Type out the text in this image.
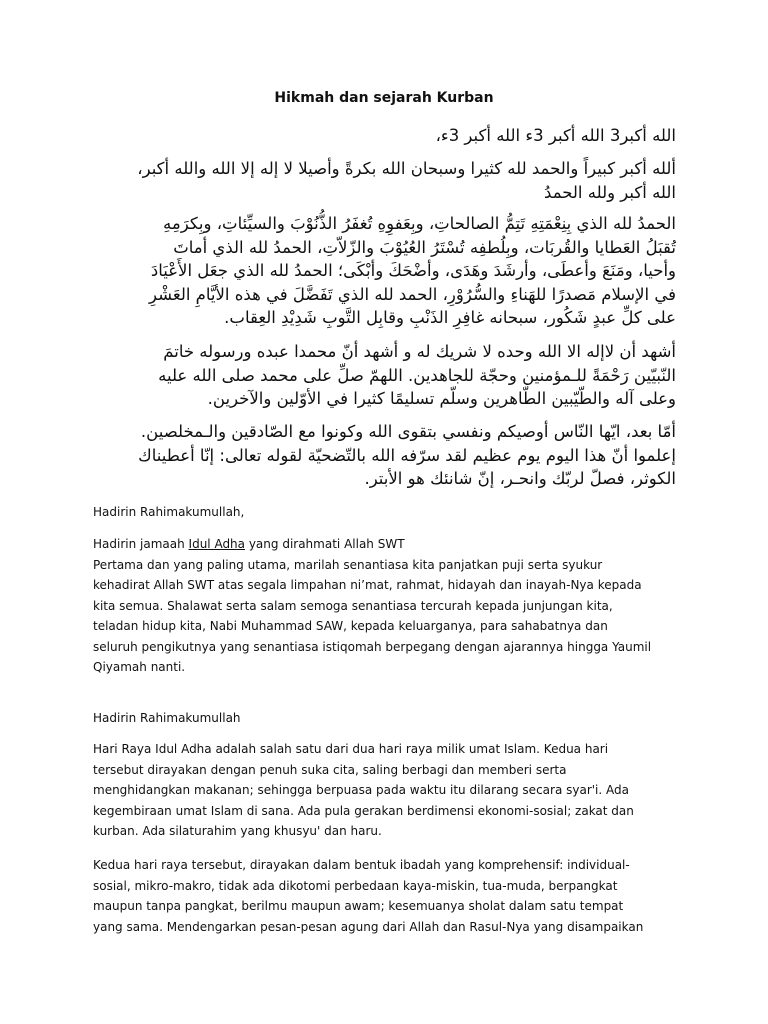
Hikmah dan sejarah Kurban

الله أكبر3 الله أكبر 3ء الله أكبر 3ء،

ألله أكبر كبيراً والحمد لله كثيرا وسبحان الله بكرةً وأصيلا لا إله إلا الله والله أكبر،
الله أكبر ولله الحمدُ

الحمدُ لله الذي بِنِعْمَتِهِ تَتِمُّ الصالحاتِ، وبِعَفوِهِ تُغفَرُ الذُّنُوْبَ والسيِّئاتِ، وبِكرَمِهِ
تُقبَلُ العَطايا والقُربَات، وبِلُطفِه تُسْتَرُ العُيُوْبَ والزّلاّتِ، الحمدُ لله الذي أماتَ
وأحيا، ومَنَعَ وأعطَى، وأرشَدَ وهَدَى، وأضْحَكَ وأبْكَى؛ الحمدُ لله الذي جعَل الأَعْيَادَ
في الإسلام مَصدرًا للهَناءِ والسُّرُوْرِ، الحمد لله الذي تَفَضَّلَ في هذه الأيَّامِ العَشْرِ
على كلِّ عبدٍ شَكُور، سبحانه غافِرِ الذَنْبِ وقابِل التَّوبِ شَدِيْدِ العِقاب.

أشهد أن لاإله الا الله وحده لا شريك له و أشهد أنّ محمدا عبده ورسوله خاتمَ
النّبيّين رَحْمَةً للـمؤمنين وحجّة للجاهدين. اللهمّ صلِّ على محمد صلى الله عليه
وعلى آله والطّيّبين الطّاهرين وسلّم تسليمًا كثيرا في الأوّلين والآخرين.

أمّا بعد، ايّها النّاس أوصيكم ونفسي بتقوى الله وكونوا مع الصّادقين والـمخلصين.
إعلموا أنّ هذا اليوم يوم عظيم لقد سرّفه الله بالتّضحيّة لقوله تعالى: إنّا أعطيناك
الكوثر، فصلّ لربّك وانحـر، إنّ شانئك هو الأبتر.

Hadirin Rahimakumullah,

Hadirin jamaah Idul Adha yang dirahmati Allah SWT
Pertama dan yang paling utama, marilah senantiasa kita panjatkan puji serta syukur
kehadirat Allah SWT atas segala limpahan ni’mat, rahmat, hidayah dan inayah-Nya kepada
kita semua. Shalawat serta salam semoga senantiasa tercurah kepada junjungan kita,
teladan hidup kita, Nabi Muhammad SAW, kepada keluarganya, para sahabatnya dan
seluruh pengikutnya yang senantiasa istiqomah berpegang dengan ajarannya hingga Yaumil
Qiyamah nanti.

Hadirin Rahimakumullah

Hari Raya Idul Adha adalah salah satu dari dua hari raya milik umat Islam. Kedua hari
tersebut dirayakan dengan penuh suka cita, saling berbagi dan memberi serta
menghidangkan makanan; sehingga berpuasa pada waktu itu dilarang secara syar'i. Ada
kegembiraan umat Islam di sana. Ada pula gerakan berdimensi ekonomi-sosial; zakat dan
kurban. Ada silaturahim yang khusyu' dan haru.

Kedua hari raya tersebut, dirayakan dalam bentuk ibadah yang komprehensif: individual-
sosial, mikro-makro, tidak ada dikotomi perbedaan kaya-miskin, tua-muda, berpangkat
maupun tanpa pangkat, berilmu maupun awam; kesemuanya sholat dalam satu tempat
yang sama. Mendengarkan pesan-pesan agung dari Allah dan Rasul-Nya yang disampaikan
